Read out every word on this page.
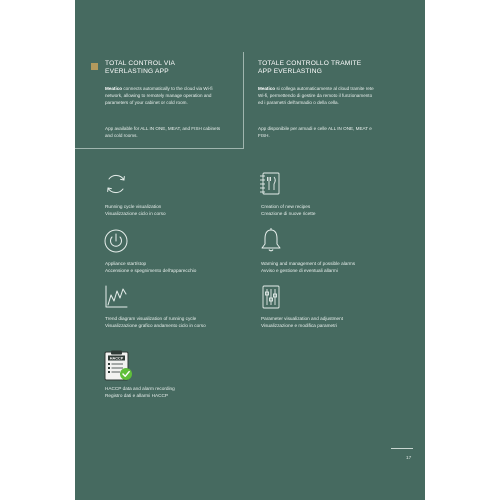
TOTAL CONTROL VIA
EVERLASTING APP
TOTALE CONTROLLO TRAMITE
APP EVERLASTING

Meatico connects automatically to the cloud via Wi-fi network, allowing to remotely manage operation and parameters of your cabinet or cold room.

Meatico si collega automaticamente al cloud tramite rete Wi-fi, permettendo di gestire da remoto il funzionamento ed i parametri dell'armadio o della cella.

App available for ALL IN ONE, MEAT, and FISH cabinets and cold rooms.

App disponibile per armadi e celle ALL IN ONE, MEAT e FISH.

Running cycle visualization
Visualizzazione ciclo in corso

Creation of new recipes
Creazione di nuove ricette

Appliance start/stop
Accensione e spegnimento dell'apparecchio

Warning and management of possible alarms
Avviso e gestione di eventuali allarmi

Trend diagram visualization of running cycle
Visualizzazione grafico andamento ciclo in corso

Parameter visualization and adjustment
Visualizzazione e modifica parametri

HACCP

HACCP data and alarm recording
Registro dati e allarmi HACCP

17
